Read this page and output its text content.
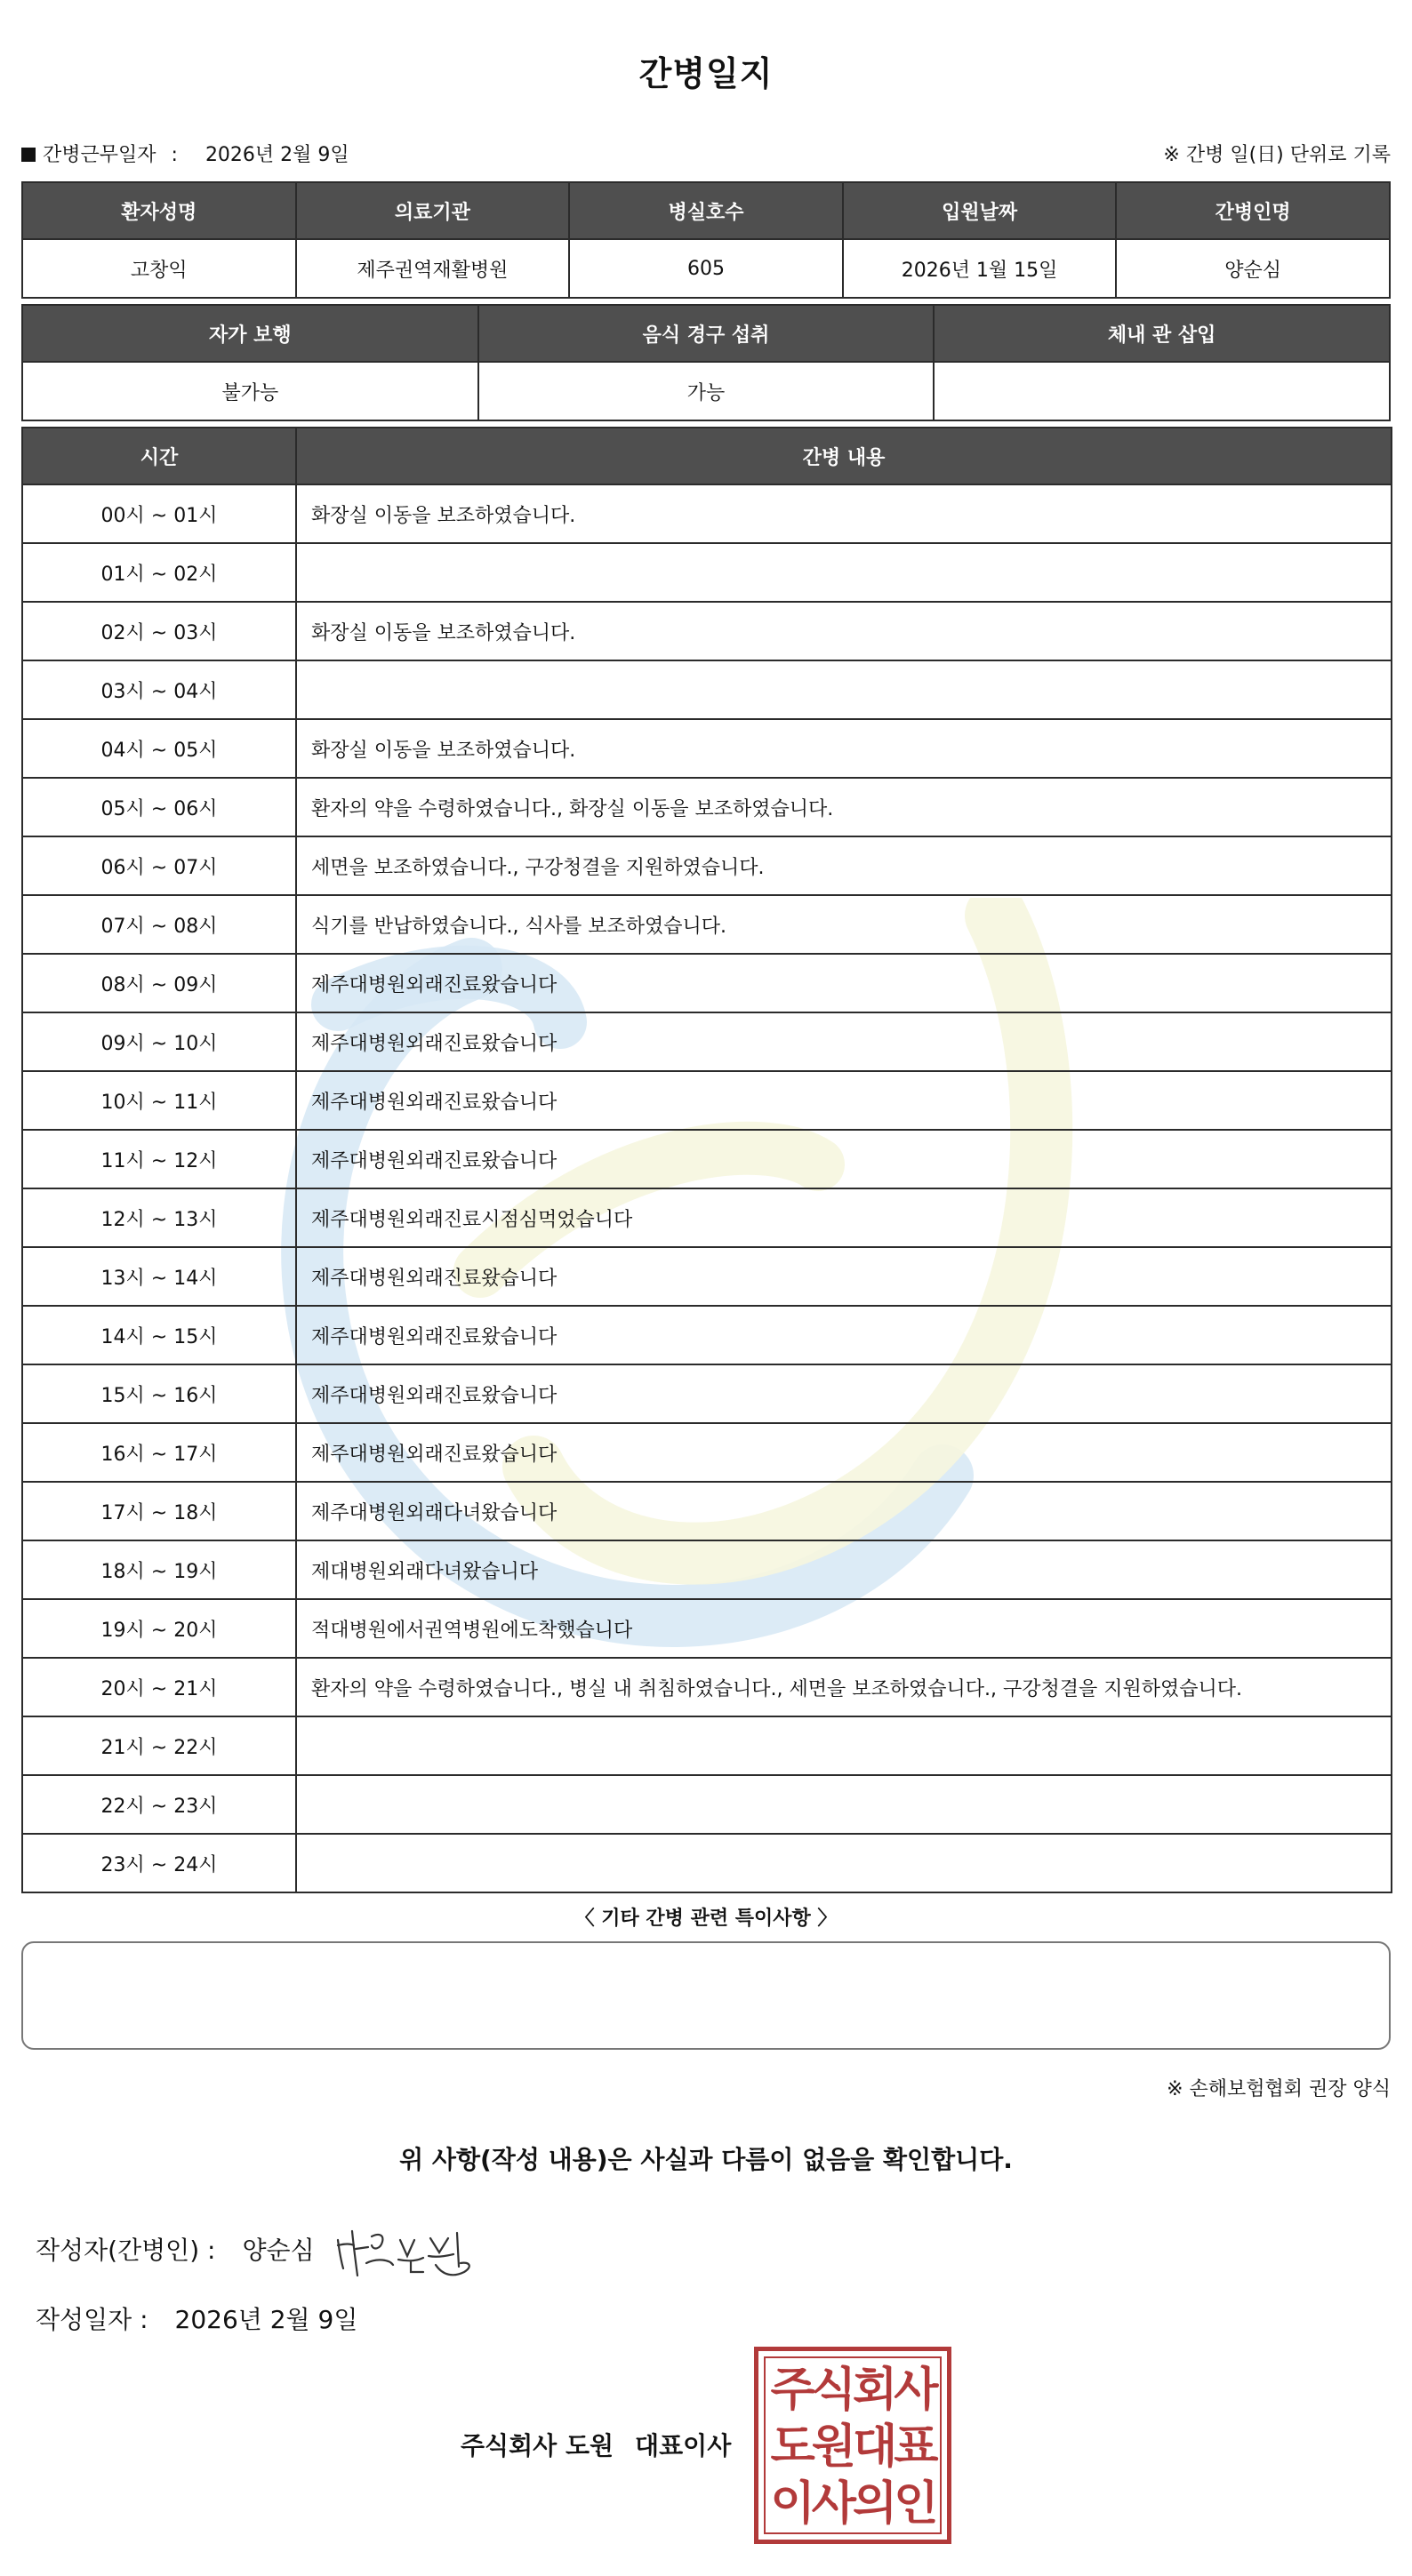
간병일지
간병근무일자 : 2026년 2월 9일	※ 간병 일(日) 단위로 기록
환자성명	의료기관	병실호수	입원날짜	간병인명
고창익	제주권역재활병원	605	2026년 1월 15일	양순심
자가 보행	음식 경구 섭취	체내 관 삽입
불가능	가능	
시간	간병 내용
00시 ~ 01시	화장실 이동을 보조하였습니다.
01시 ~ 02시	
02시 ~ 03시	화장실 이동을 보조하였습니다.
03시 ~ 04시	
04시 ~ 05시	화장실 이동을 보조하였습니다.
05시 ~ 06시	환자의 약을 수령하였습니다., 화장실 이동을 보조하였습니다.
06시 ~ 07시	세면을 보조하였습니다., 구강청결을 지원하였습니다.
07시 ~ 08시	식기를 반납하였습니다., 식사를 보조하였습니다.
08시 ~ 09시	제주대병원외래진료왔습니다
09시 ~ 10시	제주대병원외래진료왔습니다
10시 ~ 11시	제주대병원외래진료왔습니다
11시 ~ 12시	제주대병원외래진료왔습니다
12시 ~ 13시	제주대병원외래진료시점심먹었습니다
13시 ~ 14시	제주대병원외래진료왔습니다
14시 ~ 15시	제주대병원외래진료왔습니다
15시 ~ 16시	제주대병원외래진료왔습니다
16시 ~ 17시	제주대병원외래진료왔습니다
17시 ~ 18시	제주대병원외래다녀왔습니다
18시 ~ 19시	제대병원외래다녀왔습니다
19시 ~ 20시	적대병원에서권역병원에도착했습니다
20시 ~ 21시	환자의 약을 수령하였습니다., 병실 내 취침하였습니다., 세면을 보조하였습니다., 구강청결을 지원하였습니다.
21시 ~ 22시	
22시 ~ 23시	
23시 ~ 24시	
〈 기타 간병 관련 특이사항 〉
※ 손해보험협회 권장 양식
위 사항(작성 내용)은 사실과 다름이 없음을 확인합니다.
작성자(간병인) : 양순심
작성일자 : 2026년 2월 9일
주식회사 도원 대표이사
주식회사
도원대표
이사의인
